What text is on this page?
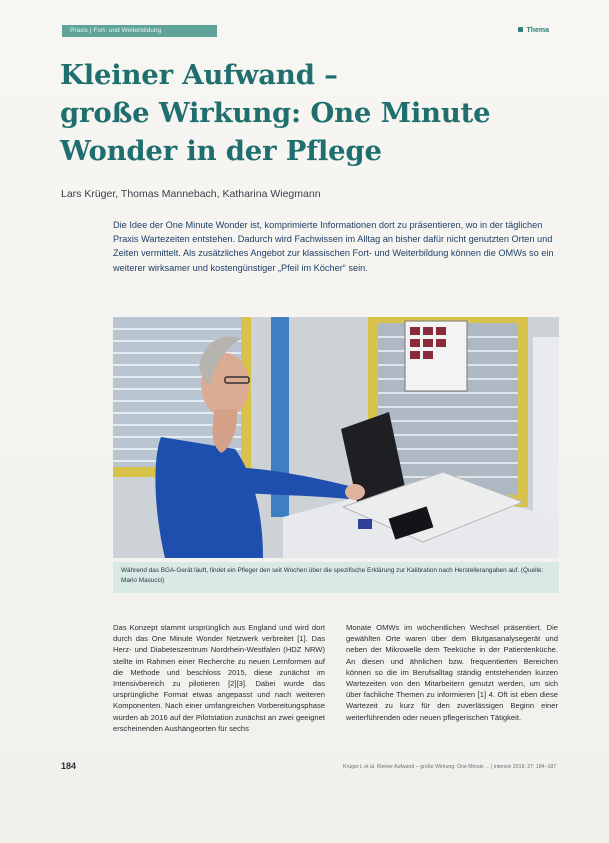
Praxis | Fort- und Weiterbildung	Thema
Kleiner Aufwand –
große Wirkung: One Minute
Wonder in der Pflege
Lars Krüger, Thomas Mannebach, Katharina Wiegmann

Die Idee der One Minute Wonder ist, komprimierte Informationen dort zu präsentieren, wo in der täglichen Praxis Wartezeiten entstehen. Dadurch wird Fachwissen im Alltag an bisher dafür nicht genutzten Orten und Zeiten vermittelt. Als zusätzliches Angebot zur klassischen Fort- und Weiterbildung können die OMWs so ein weiterer wirksamer und kostengünstiger „Pfeil im Köcher“ sein.

Während das BGA-Gerät läuft, findet ein Pfleger den seit Wochen über die spezifische Erklärung zur Kalibration nach Herstellerangaben auf. (Quelle: Mario Masucci)

Das Konzept stammt ursprünglich aus England und wird dort durch das One Minute Wonder Netzwerk verbreitet [1]. Das Herz- und Diabeteszentrum Nordrhein-Westfalen (HDZ NRW) stellte im Rahmen einer Recherche zu neuen Lernformen auf die Methode und beschloss 2015, diese zunächst im Intensivbereich zu pilotieren [2][3]. Dabei wurde das ursprüngliche Format etwas angepasst und nach weiteren Komponenten. Nach einer umfangreichen Vorbereitungsphase wurden ab 2016 auf der Pilotstation zunächst an zwei geeignet erscheinenden Aushängeorten für sechs

Monate OMWs im wöchentlichen Wechsel präsentiert. Die gewählten Orte waren über dem Blutgasanalysegerät und neben der Mikrowelle dem Teeküche in der Patientenküche. An diesen und ähnlichen bzw. frequentierten Bereichen können so die im Berufsalltag ständig entstehenden kurzen Wartezeiten von den Mitarbeitern genutzt werden, um sich über fachliche Themen zu informieren [1] 4. Oft ist eben diese Wartezeit zu kurz für den zuverlässigen Beginn einer weiterführenden oder neuen pflegerischen Tätigkeit.

184	Krüger L et al. Kleiner Aufwand – große Wirkung: One Minute ... | intensiv 2019; 27: 184–187
